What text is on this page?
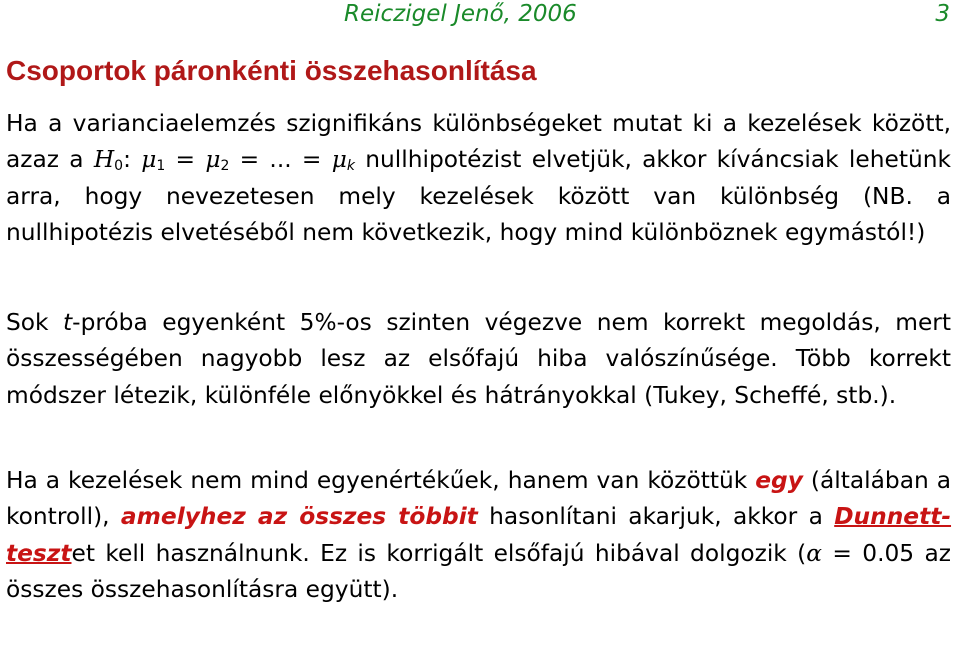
Reiczigel Jenő, 2006	3
Csoportok páronkénti összehasonlítása

Ha a varianciaelemzés szignifikáns különbségeket mutat ki a kezelések között, azaz a $H_0$: $\mu_1 = \mu_2$ = ... = $\mu_k$ nullhipotézist elvetjük, akkor kíváncsiak lehetünk arra, hogy nevezetesen mely kezelések között van különbség (NB. a nullhipotézis elvetéséből nem következik, hogy mind különböznek egymástól!)

Sok t-próba egyenként 5%-os szinten végezve nem korrekt megoldás, mert összességében nagyobb lesz az elsőfajú hiba valószínűsége. Több korrekt módszer létezik, különféle előnyökkel és hátrányokkal (Tukey, Scheffé, stb.).

Ha a kezelések nem mind egyenértékűek, hanem van közöttük egy (általában a kontroll), amelyhez az összes többit hasonlítani akarjuk, akkor a Dunnett-tesztet kell használnunk. Ez is korrigált elsőfajú hibával dolgozik (α = 0.05 az összes összehasonlításra együtt).
